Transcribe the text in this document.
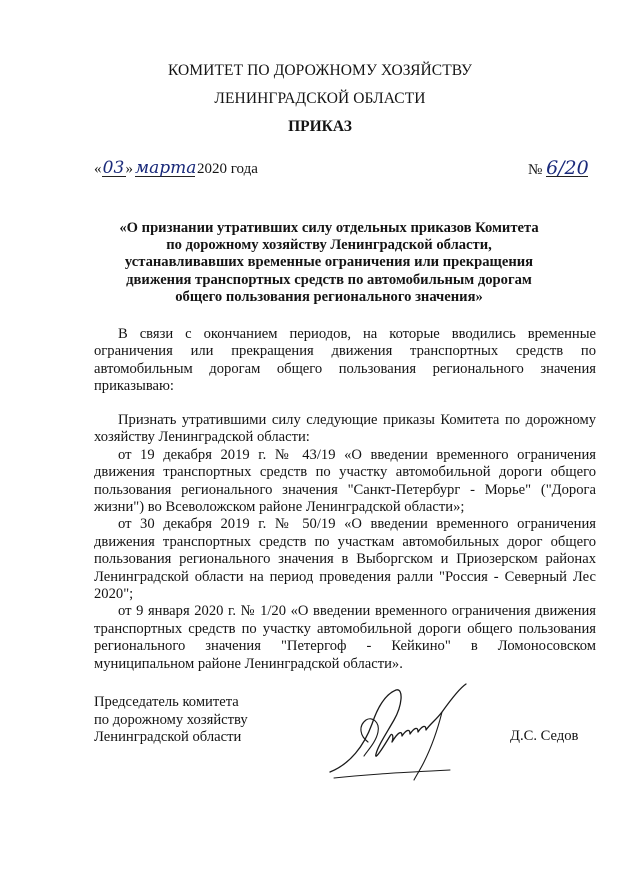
КОМИТЕТ ПО ДОРОЖНОМУ ХОЗЯЙСТВУ
ЛЕНИНГРАДСКОЙ ОБЛАСТИ
ПРИКАЗ
«03» марта2020 года	№ 6/20
«О признании утративших силу отдельных приказов Комитета по дорожному хозяйству Ленинградской области, устанавливавших временные ограничения или прекращения движения транспортных средств по автомобильным дорогам общего пользования регионального значения»

В связи с окончанием периодов, на которые вводились временные ограничения или прекращения движения транспортных средств по автомобильным дорогам общего пользования регионального значения приказываю:

Признать утратившими силу следующие приказы Комитета по дорожному хозяйству Ленинградской области:

от 19 декабря 2019 г. № 43/19 «О введении временного ограничения движения транспортных средств по участку автомобильной дороги общего пользования регионального значения "Санкт-Петербург - Морье" ("Дорога жизни") во Всеволожском районе Ленинградской области»;

от 30 декабря 2019 г. № 50/19 «О введении временного ограничения движения транспортных средств по участкам автомобильных дорог общего пользования регионального значения в Выборгском и Приозерском районах Ленинградской области на период проведения ралли "Россия - Северный Лес 2020";

от 9 января 2020 г. № 1/20 «О введении временного ограничения движения транспортных средств по участку автомобильной дороги общего пользования регионального значения "Петергоф - Кейкино" в Ломоносовском муниципальном районе Ленинградской области».

Председатель комитета
по дорожному хозяйству
Ленинградской области	Д.С. Седов
